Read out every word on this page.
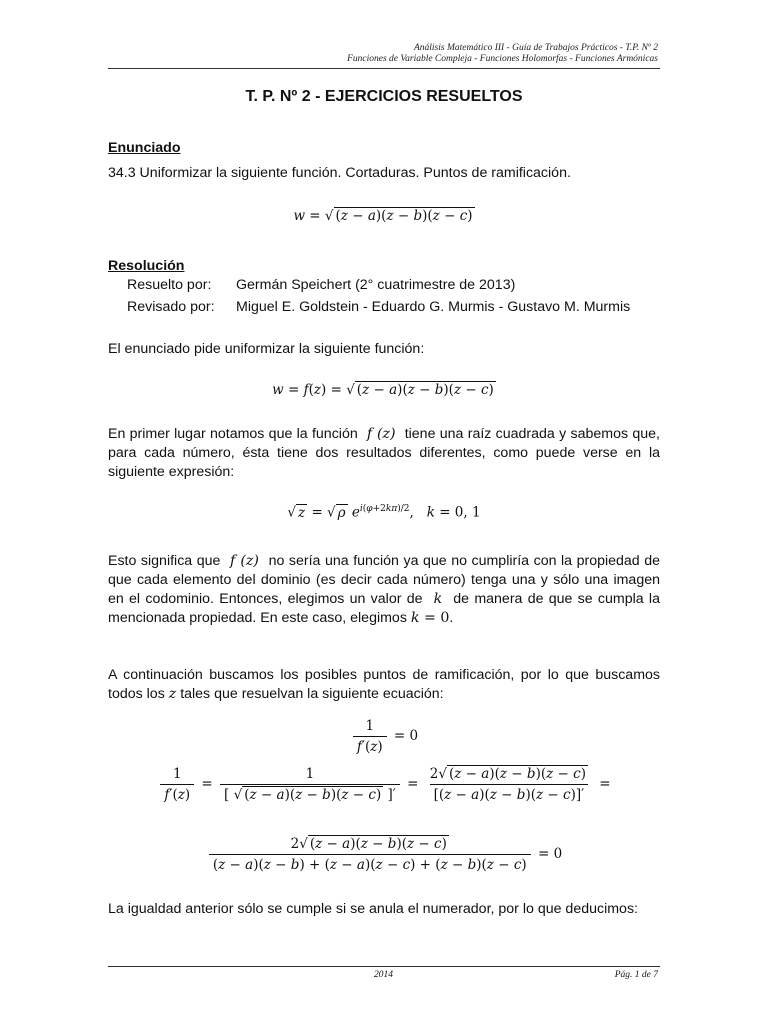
Análisis Matemático III - Guía de Trabajos Prácticos - T.P. Nº 2
Funciones de Variable Compleja - Funciones Holomorfas - Funciones Armónicas
T. P. Nº 2 - EJERCICIOS RESUELTOS
Enunciado
34.3 Uniformizar la siguiente función. Cortaduras. Puntos de ramificación.
w = √ (z − a)(z − b)(z − c)
Resolución
Resuelto por:	Germán Speichert (2° cuatrimestre de 2013)
Revisado por:	Miguel E. Goldstein - Eduardo G. Murmis - Gustavo M. Murmis
El enunciado pide uniformizar la siguiente función:
w = f(z) = √ (z − a)(z − b)(z − c)
En primer lugar notamos que la función  f (z)  tiene una raíz cuadrada y sabemos que, para cada número, ésta tiene dos resultados diferentes, como puede verse en la siguiente expresión:
√ z = √ ρ $e^{i(\varphi+2k\pi)/2}$,   k = 0, 1
Esto significa que  f (z)  no sería una función ya que no cumpliría con la propiedad de que cada elemento del dominio (es decir cada número) tenga una y sólo una imagen en el codominio. Entonces, elegimos un valor de  k  de manera de que se cumpla la mencionada propiedad. En este caso, elegimos k = 0.
A continuación buscamos los posibles puntos de ramificación, por lo que buscamos todos los z tales que resuelvan la siguiente ecuación:
$\frac{1}{f'(z)} = 0$
$\frac{1}{f'(z)} = \frac{1}{[ √ (z - a)(z - b)(z - c) ]'} = \frac{2√ (z - a)(z - b)(z - c)}{[(z - a)(z - b)(z - c)]'}$ =
$\frac{2√ (z - a)(z - b)(z - c)}{(z - a)(z - b) + (z - a)(z - c) + (z - b)(z - c)} = 0$
La igualdad anterior sólo se cumple si se anula el numerador, por lo que deducimos:
2014	Pág. 1 de 7
